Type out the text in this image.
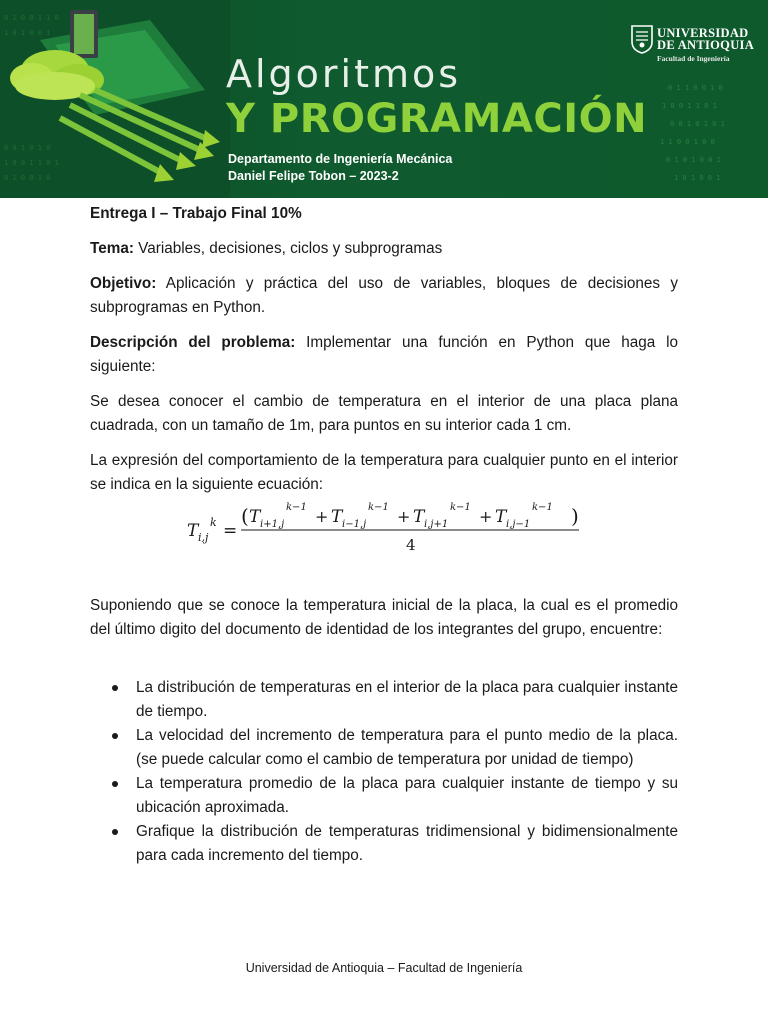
0 1 0 0 1 1 0
1 0 1 0 0 1
0 0 1 0 1 0
1 0 0 1 1 0 1
0 1 0 0 1 0
0 1 1 0 0 1 0
1 0 0 1 1 0 1
0 0 1 0 1 0 1
1 1 0 0 1 0 0
0 1 0 1 0 0 1
1 0 1 0 0 1
Algoritmos
Y PROGRAMACIÓN
Departamento de Ingeniería Mecánica
Daniel Felipe Tobon – 2023-2
UNIVERSIDAD
DE ANTIOQUIA
Facultad de Ingeniería

Entrega I – Trabajo Final 10%

Tema: Variables, decisiones, ciclos y subprogramas

Objetivo: Aplicación y práctica del uso de variables, bloques de decisiones y subprogramas en Python.

Descripción del problema: Implementar una función en Python que haga lo siguiente:

Se desea conocer el cambio de temperatura en el interior de una placa plana cuadrada, con un tamaño de 1m, para puntos en su interior cada 1 cm.

La expresión del comportamiento de la temperatura para cualquier punto en el interior se indica en la siguiente ecuación:

T i,j
k =
( T i+1,j
k−1 + T i−1,j
k−1 + T i,j+1
k−1 + T i,j−1
k−1 )
4

Suponiendo que se conoce la temperatura inicial de la placa, la cual es el promedio del último digito del documento de identidad de los integrantes del grupo, encuentre:

La distribución de temperaturas en el interior de la placa para cualquier instante de tiempo.
La velocidad del incremento de temperatura para el punto medio de la placa. (se puede calcular como el cambio de temperatura por unidad de tiempo)
La temperatura promedio de la placa para cualquier instante de tiempo y su ubicación aproximada.
Grafique la distribución de temperaturas tridimensional y bidimensionalmente para cada incremento del tiempo.
Universidad de Antioquia – Facultad de Ingeniería
